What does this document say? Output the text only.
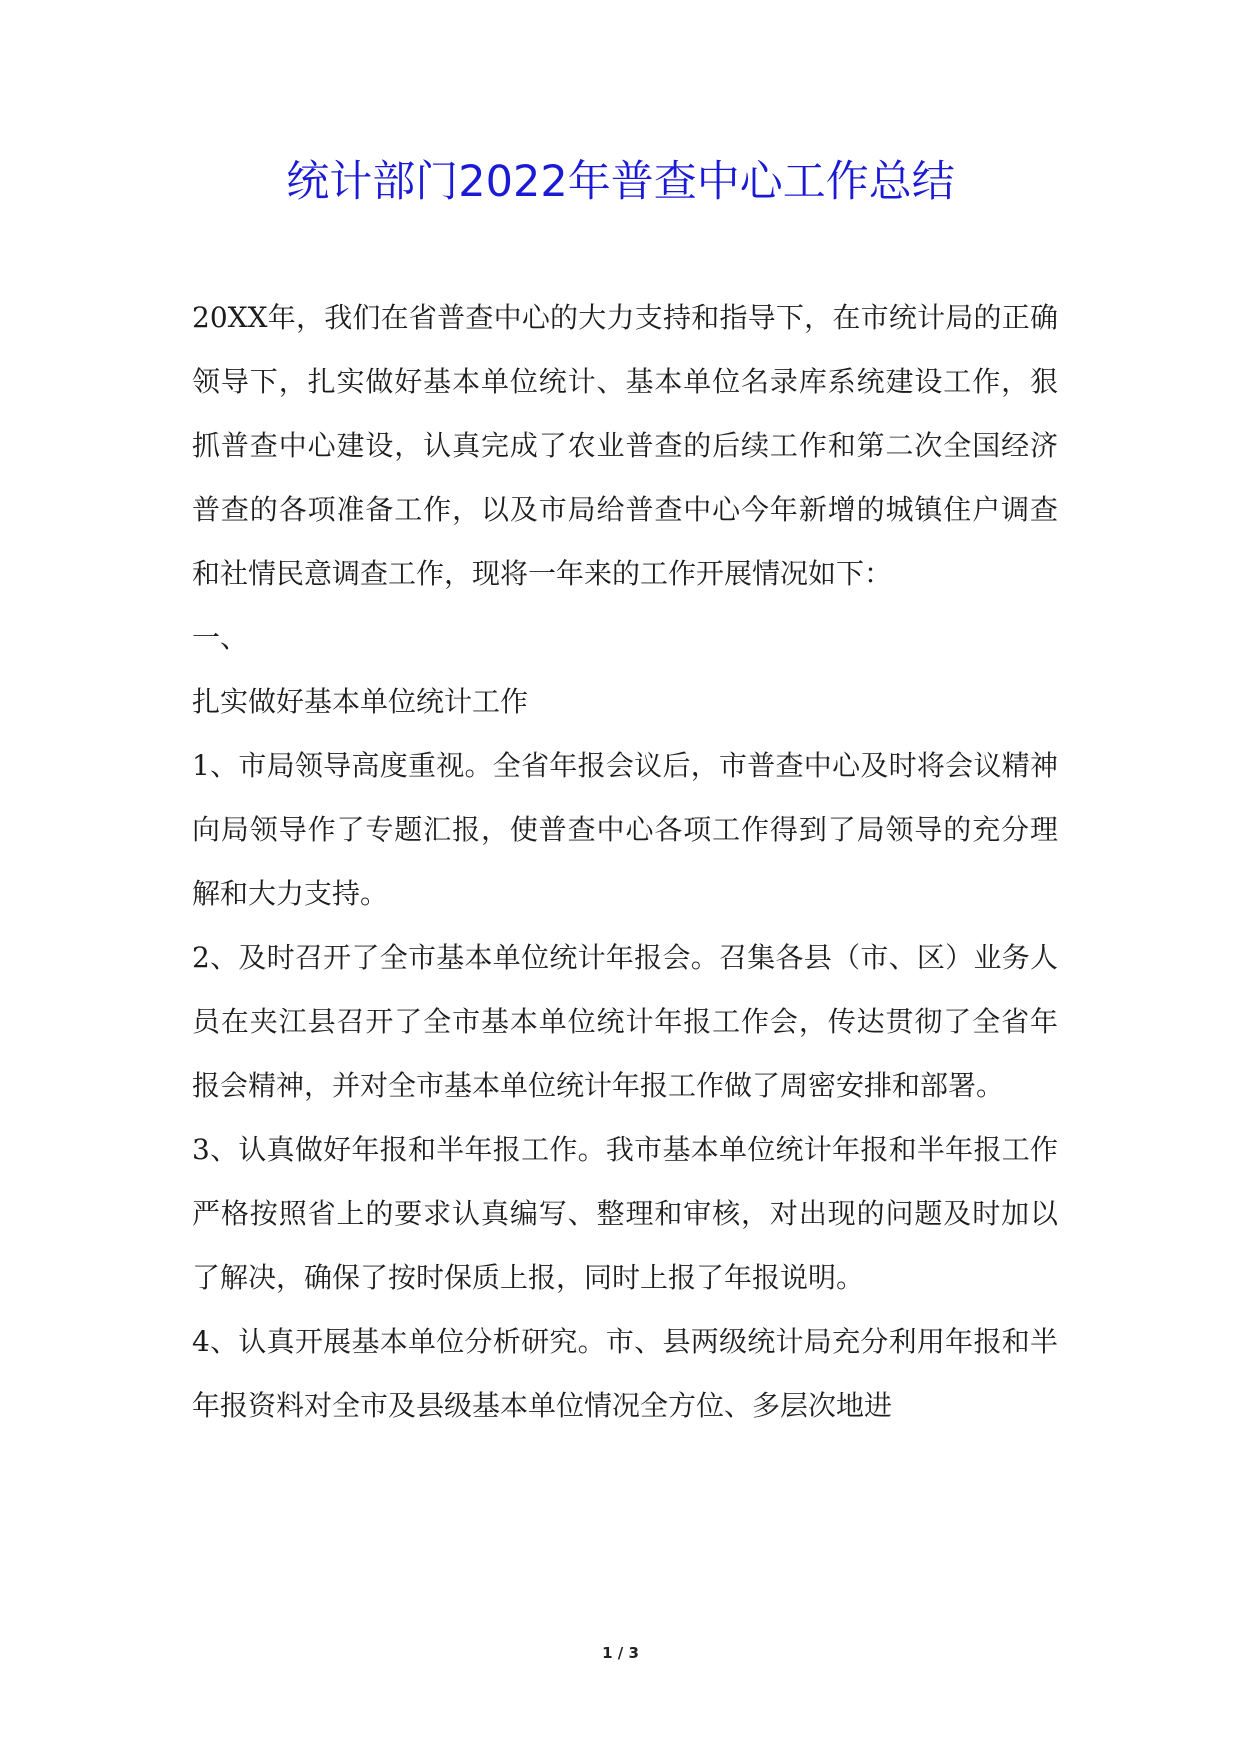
统计部门2022年普查中心工作总结

20XX年，我们在省普查中心的大力支持和指导下，在市统计局的正确领导下，扎实做好基本单位统计、基本单位名录库系统建设工作，狠抓普查中心建设，认真完成了农业普查的后续工作和第二次全国经济普查的各项准备工作，以及市局给普查中心今年新增的城镇住户调查和社情民意调查工作，现将一年来的工作开展情况如下：

一、

扎实做好基本单位统计工作

1、市局领导高度重视。全省年报会议后，市普查中心及时将会议精神向局领导作了专题汇报，使普查中心各项工作得到了局领导的充分理解和大力支持。

2、及时召开了全市基本单位统计年报会。召集各县（市、区）业务人员在夹江县召开了全市基本单位统计年报工作会，传达贯彻了全省年报会精神，并对全市基本单位统计年报工作做了周密安排和部署。

3、认真做好年报和半年报工作。我市基本单位统计年报和半年报工作严格按照省上的要求认真编写、整理和审核，对出现的问题及时加以了解决，确保了按时保质上报，同时上报了年报说明。

4、认真开展基本单位分析研究。市、县两级统计局充分利用年报和半年报资料对全市及县级基本单位情况全方位、多层次地进

1 / 3
